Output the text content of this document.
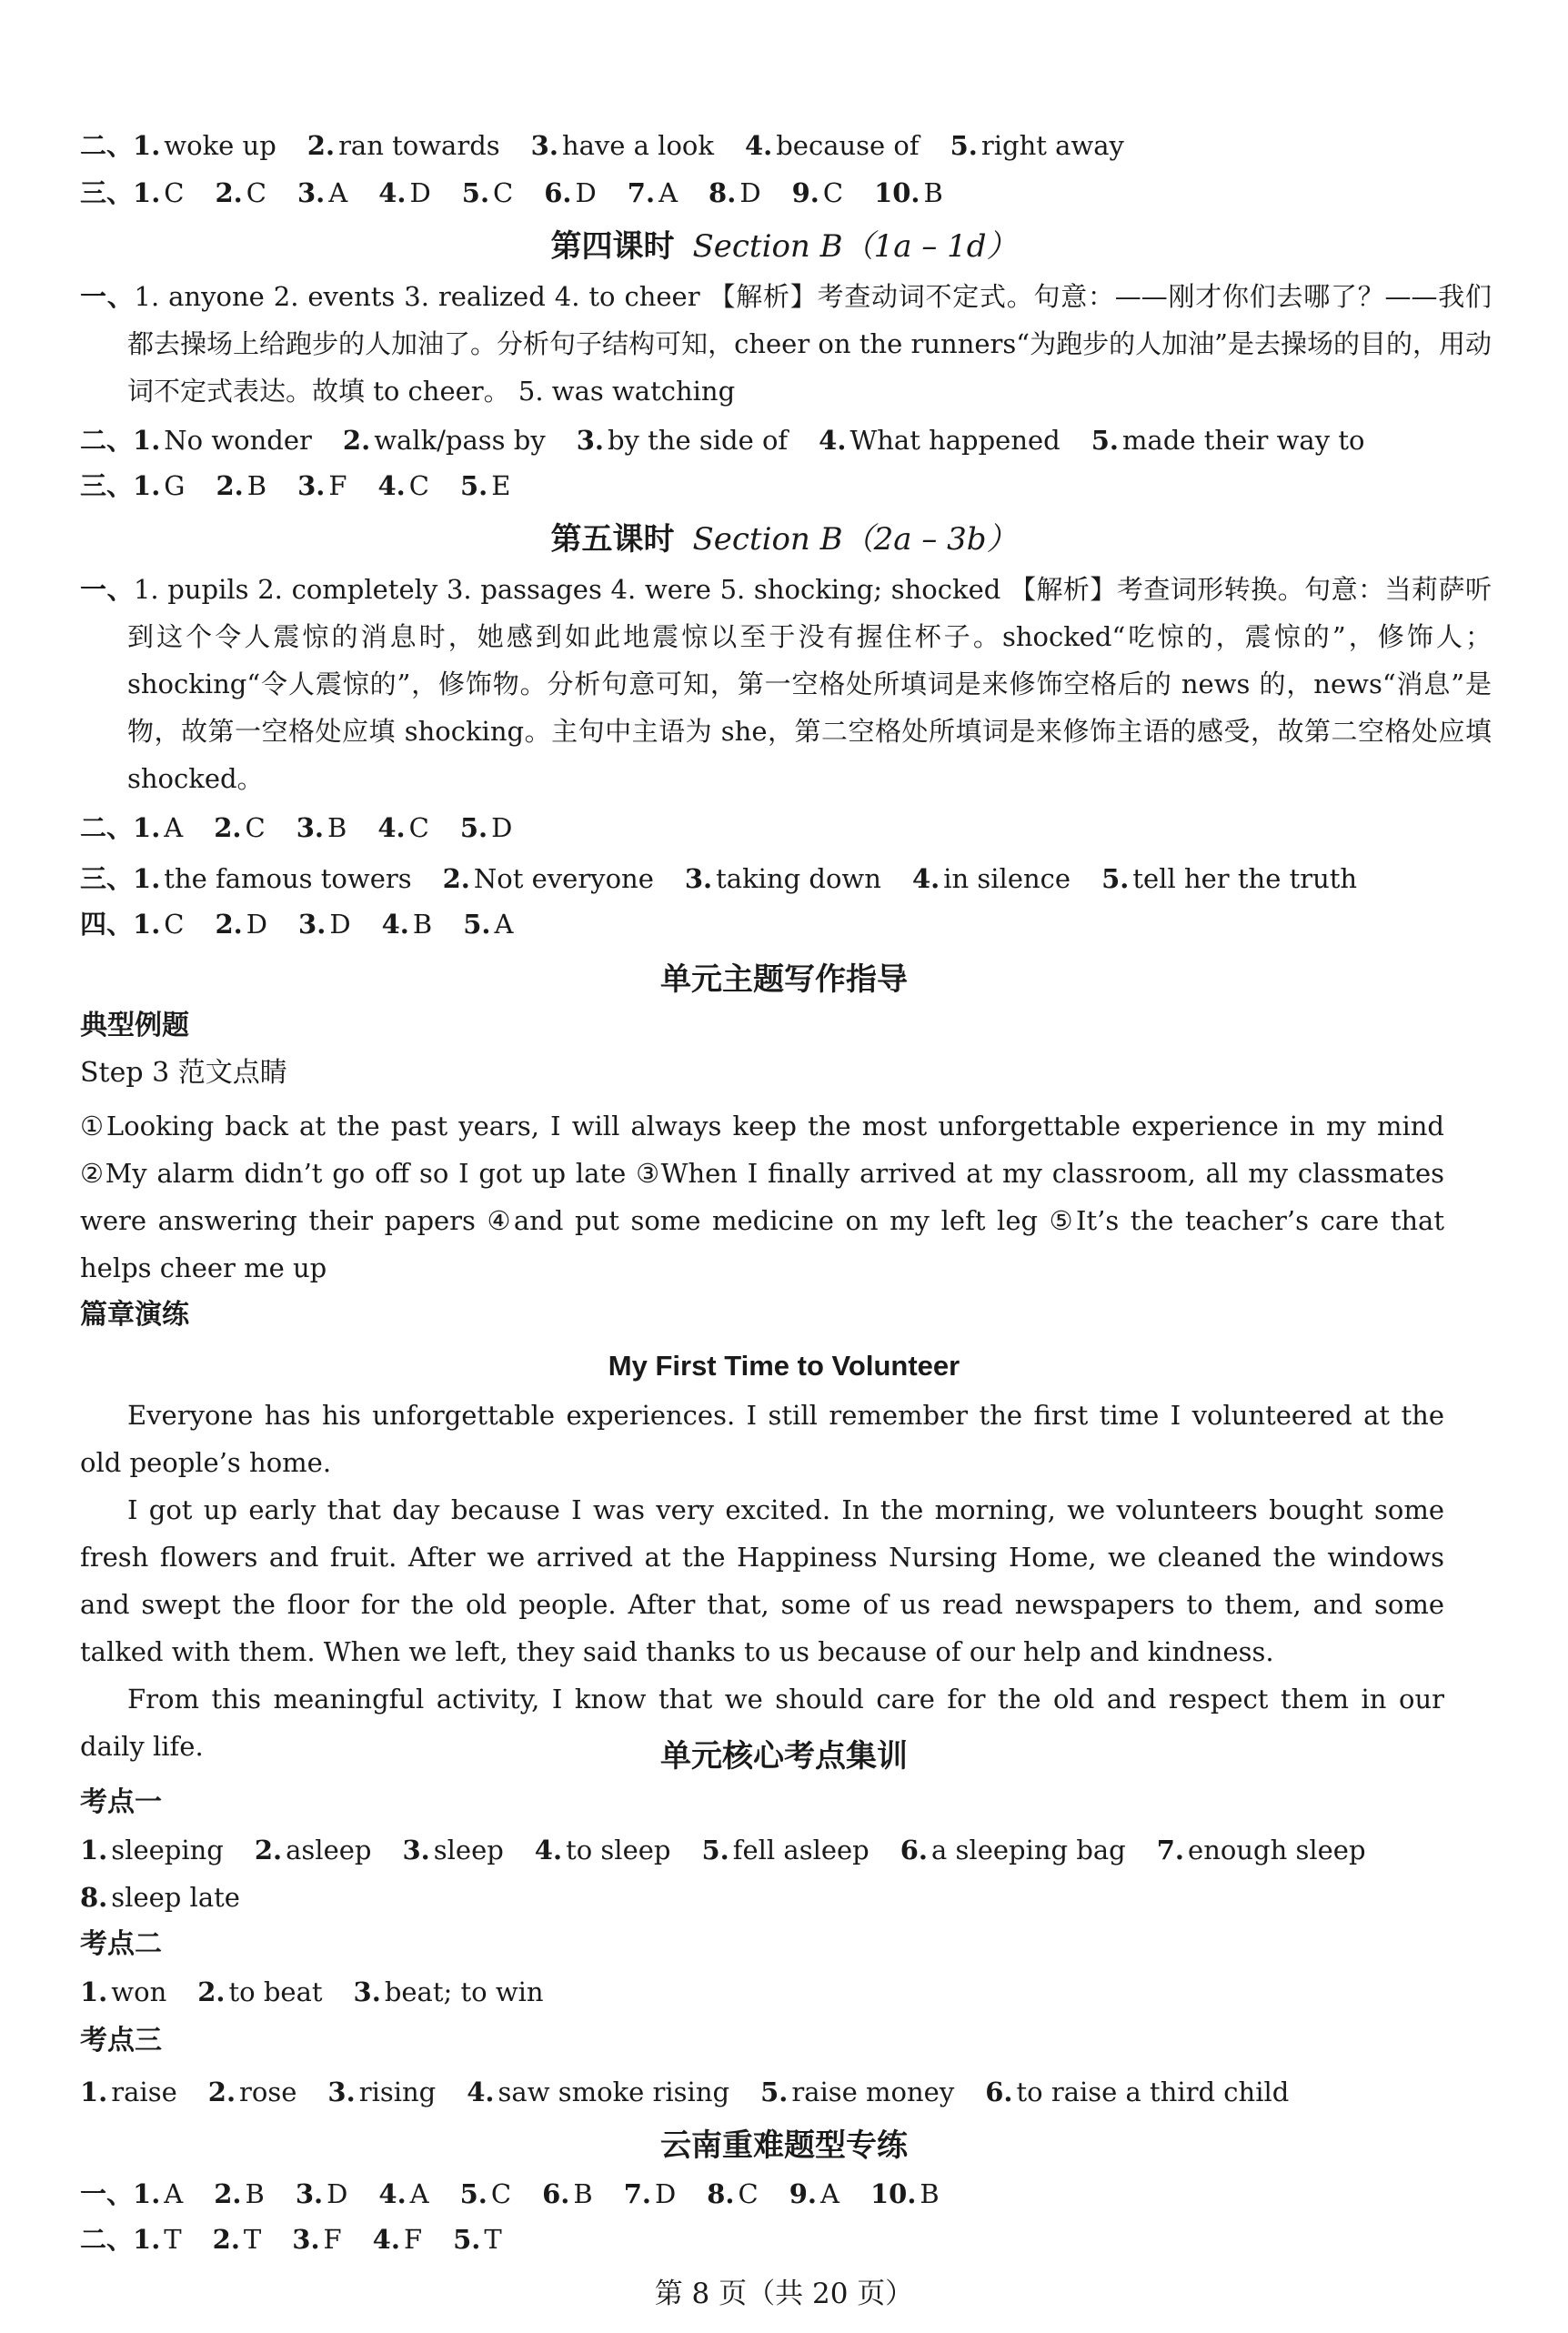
二、1. woke up 2. ran towards 3. have a look 4. because of 5. right away

三、1. C 2. C 3. A 4. D 5. C 6. D 7. A 8. D 9. C 10. B

第四课时 Section B（1a – 1d）

一、1. anyone 2. events 3. realized 4. to cheer 【解析】考查动词不定式。句意：——刚才你们去哪了？——我们都去操场上给跑步的人加油了。分析句子结构可知，cheer on the runners“为跑步的人加油”是去操场的目的，用动词不定式表达。故填 to cheer。 5. was watching

二、1. No wonder 2. walk/pass by 3. by the side of 4. What happened 5. made their way to

三、1. G 2. B 3. F 4. C 5. E

第五课时 Section B（2a – 3b）

一、1. pupils 2. completely 3. passages 4. were 5. shocking; shocked 【解析】考查词形转换。句意：当莉萨听到这个令人震惊的消息时，她感到如此地震惊以至于没有握住杯子。shocked“吃惊的，震惊的”，修饰人；shocking“令人震惊的”，修饰物。分析句意可知，第一空格处所填词是来修饰空格后的 news 的，news“消息”是物，故第一空格处应填 shocking。主句中主语为 she，第二空格处所填词是来修饰主语的感受，故第二空格处应填 shocked。

二、1. A 2. C 3. B 4. C 5. D

三、1. the famous towers 2. Not everyone 3. taking down 4. in silence 5. tell her the truth

四、1. C 2. D 3. D 4. B 5. A

单元主题写作指导

典型例题

Step 3 范文点睛

①Looking back at the past years, I will always keep the most unforgettable experience in my mind ②My alarm didn’t go off so I got up late ③When I finally arrived at my classroom, all my classmates were answering their papers ④and put some medicine on my left leg ⑤It’s the teacher’s care that helps cheer me up

篇章演练

My First Time to Volunteer

Everyone has his unforgettable experiences. I still remember the first time I volunteered at the old people’s home.

I got up early that day because I was very excited. In the morning, we volunteers bought some fresh flowers and fruit. After we arrived at the Happiness Nursing Home, we cleaned the windows and swept the floor for the old people. After that, some of us read newspapers to them, and some talked with them. When we left, they said thanks to us because of our help and kindness.

From this meaningful activity, I know that we should care for the old and respect them in our daily life.	单元核心考点集训

考点一

1. sleeping 2. asleep 3. sleep 4. to sleep 5. fell asleep 6. a sleeping bag 7. enough sleep

8. sleep late

考点二

1. won 2. to beat 3. beat; to win

考点三

1. raise 2. rose 3. rising 4. saw smoke rising 5. raise money 6. to raise a third child

云南重难题型专练

一、1. A 2. B 3. D 4. A 5. C 6. B 7. D 8. C 9. A 10. B

二、1. T 2. T 3. F 4. F 5. T

第 8 页（共 20 页）
